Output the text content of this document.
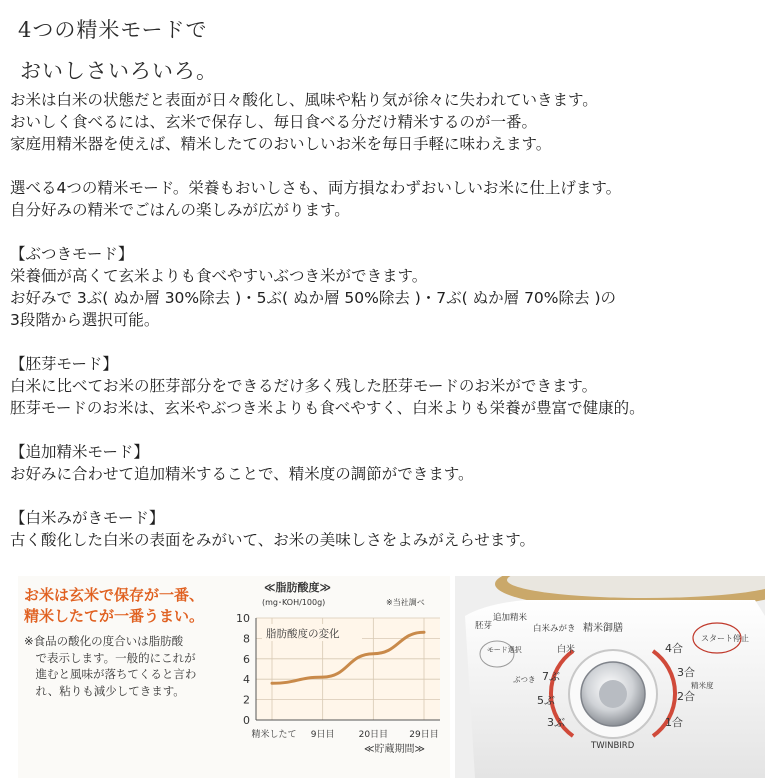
4つの精米モードで
おいしさいろいろ。
お米は白米の状態だと表面が日々酸化し、風味や粘り気が徐々に失われていきます。
おいしく食べるには、玄米で保存し、毎日食べる分だけ精米するのが一番。
家庭用精米器を使えば、精米したてのおいしいお米を毎日手軽に味わえます。
選べる4つの精米モード。栄養もおいしさも、両方損なわずおいしいお米に仕上げます。
自分好みの精米でごはんの楽しみが広がります。
【ぶつきモード】
栄養価が高くて玄米よりも食べやすいぶつき米ができます。
お好みで 3ぶ( ぬか層 30%除去 )・5ぶ( ぬか層 50%除去 )・7ぶ( ぬか層 70%除去 )の
3段階から選択可能。
【胚芽モード】
白米に比べてお米の胚芽部分をできるだけ多く残した胚芽モードのお米ができます。
胚芽モードのお米は、玄米やぶつき米よりも食べやすく、白米よりも栄養が豊富で健康的。
【追加精米モード】
お好みに合わせて追加精米することで、精米度の調節ができます。
【白米みがきモード】
古く酸化した白米の表面をみがいて、お米の美味しさをよみがえらせます。
お米は玄米で保存が一番、
精米したてが一番うまい。
※食品の酸化の度合いは脂肪酸
　で表示します。一般的にこれが
　進むと風味が落ちてくると言わ
　れ、粘りも減少してきます。
≪脂肪酸度≫
(mg･KOH/100g)	※当社調べ
0
2
4
6
8
10
精米したて 9日目	20日目 29日目
≪貯蔵期間≫
脂肪酸度の変化
胚芽
追加精米
白米みがき 精米御膳
モード選択
スタート停止
白米
7ぶ
5ぶ
3ぶ
4合
3合
2合
1合
ぶつき
精米度
TWINBIRD
